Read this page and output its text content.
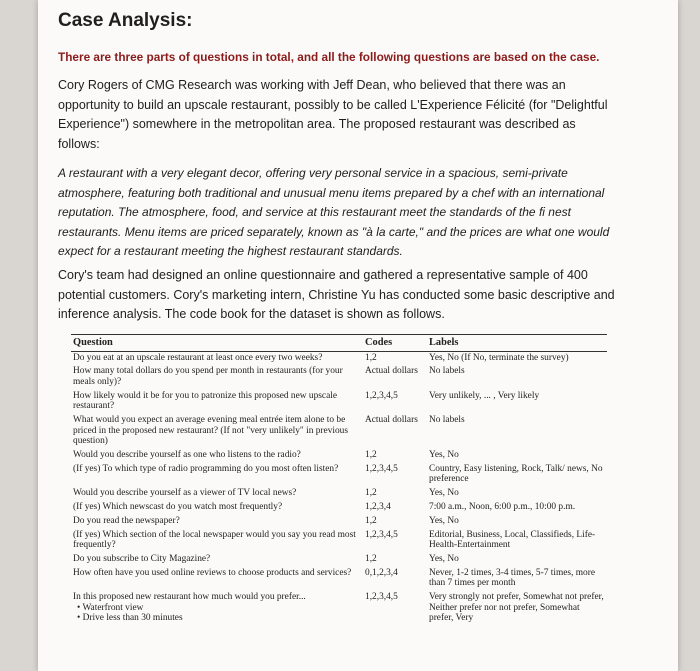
Case Analysis:
There are three parts of questions in total, and all the following questions are based on the case.
Cory Rogers of CMG Research was working with Jeff Dean, who believed that there was an opportunity to build an upscale restaurant, possibly to be called L'Experience Félicité (for "Delightful Experience") somewhere in the metropolitan area. The proposed restaurant was described as follows:
A restaurant with a very elegant decor, offering very personal service in a spacious, semi-private atmosphere, featuring both traditional and unusual menu items prepared by a chef with an international reputation. The atmosphere, food, and service at this restaurant meet the standards of the fi nest restaurants. Menu items are priced separately, known as "à la carte," and the prices are what one would expect for a restaurant meeting the highest restaurant standards.
Cory's team had designed an online questionnaire and gathered a representative sample of 400 potential customers. Cory's marketing intern, Christine Yu has conducted some basic descriptive and inference analysis. The code book for the dataset is shown as follows.
Question	Codes	Labels
Do you eat at an upscale restaurant at least once every two weeks?	1,2	Yes, No (If No, terminate the survey)
How many total dollars do you spend per month in restaurants (for your meals only)?	Actual dollars	No labels
How likely would it be for you to patronize this proposed new upscale restaurant?	1,2,3,4,5	Very unlikely, ... , Very likely
What would you expect an average evening meal entrée item alone to be priced in the proposed new restaurant? (If not "very unlikely" in previous question)	Actual dollars	No labels
Would you describe yourself as one who listens to the radio?	1,2	Yes, No
(If yes) To which type of radio programming do you most often listen?	1,2,3,4,5	Country, Easy listening, Rock, Talk/ news, No preference
Would you describe yourself as a viewer of TV local news?	1,2	Yes, No
(If yes) Which newscast do you watch most frequently?	1,2,3,4	7:00 a.m., Noon, 6:00 p.m., 10:00 p.m.
Do you read the newspaper?	1,2	Yes, No
(If yes) Which section of the local newspaper would you say you read most frequently?	1,2,3,4,5	Editorial, Business, Local, Classifieds, Life-Health-Entertainment
Do you subscribe to City Magazine?	1,2	Yes, No
How often have you used online reviews to choose products and services?	0,1,2,3,4	Never, 1-2 times, 3-4 times, 5-7 times, more than 7 times per month

In this proposed new restaurant how much would you prefer...
• Waterfront view
• Drive less than 30 minutes	1,2,3,4,5	Very strongly not prefer, Somewhat not prefer, Neither prefer nor not prefer, Somewhat prefer, Very
